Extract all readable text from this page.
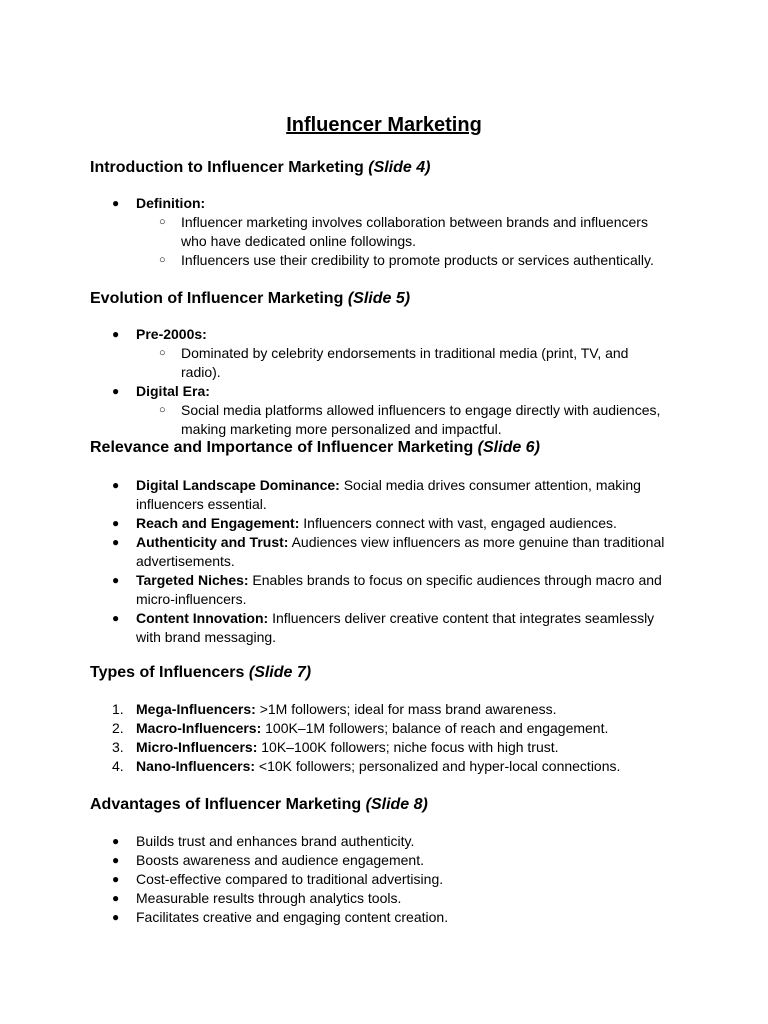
Influencer Marketing
Introduction to Influencer Marketing (Slide 4)
●	Definition:
○	Influencer marketing involves collaboration between brands and influencers who have dedicated online followings.
○	Influencers use their credibility to promote products or services authentically.
Evolution of Influencer Marketing (Slide 5)
●	Pre-2000s:
○	Dominated by celebrity endorsements in traditional media (print, TV, and radio).
●	Digital Era:
○	Social media platforms allowed influencers to engage directly with audiences, making marketing more personalized and impactful.
Relevance and Importance of Influencer Marketing (Slide 6)
●	Digital Landscape Dominance: Social media drives consumer attention, making influencers essential.
●	Reach and Engagement: Influencers connect with vast, engaged audiences.
●	Authenticity and Trust: Audiences view influencers as more genuine than traditional advertisements.
●	Targeted Niches: Enables brands to focus on specific audiences through macro and micro-influencers.
●	Content Innovation: Influencers deliver creative content that integrates seamlessly with brand messaging.
Types of Influencers (Slide 7)
1. Mega-Influencers: >1M followers; ideal for mass brand awareness.
2. Macro-Influencers: 100K–1M followers; balance of reach and engagement.
3. Micro-Influencers: 10K–100K followers; niche focus with high trust.
4. Nano-Influencers: <10K followers; personalized and hyper-local connections.
Advantages of Influencer Marketing (Slide 8)
●	Builds trust and enhances brand authenticity.
●	Boosts awareness and audience engagement.
●	Cost-effective compared to traditional advertising.
●	Measurable results through analytics tools.
●	Facilitates creative and engaging content creation.
